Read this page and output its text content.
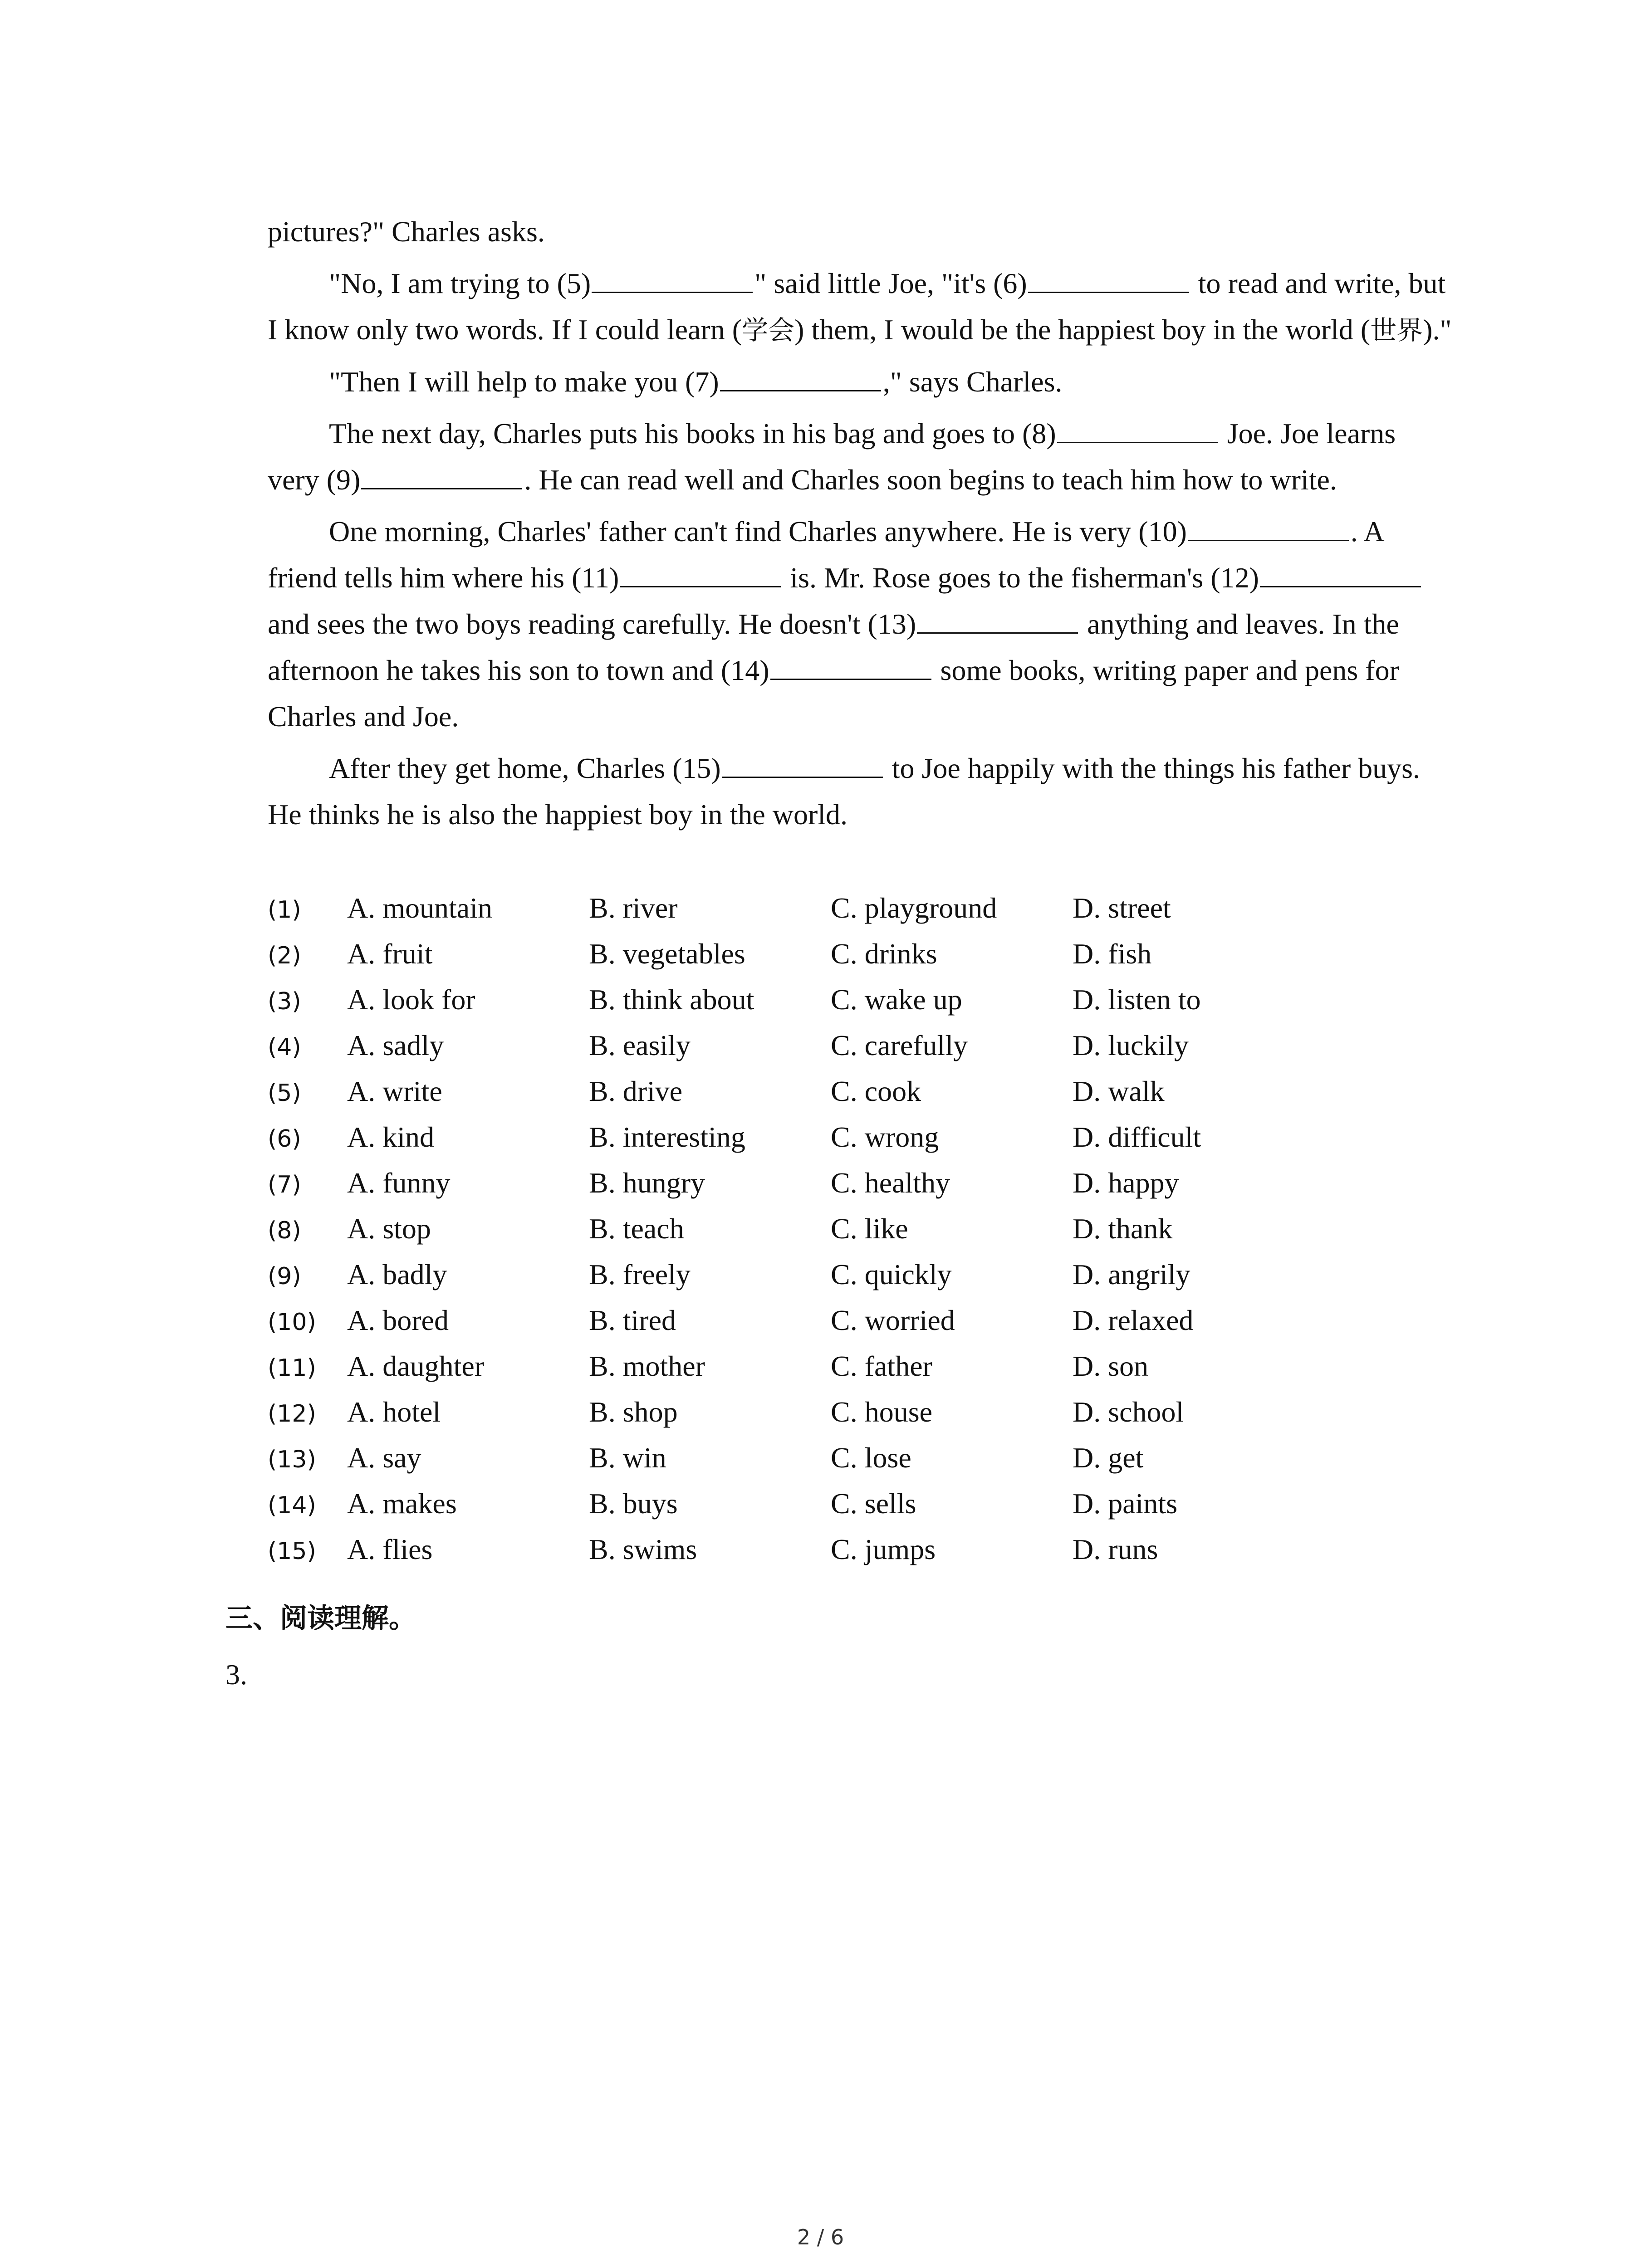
pictures?" Charles asks.

"No, I am trying to (5)	" said little Joe, "it's (6)	to read and write, but I know only two words. If I could learn (学会) them, I would be the happiest boy in the world (世界)."

"Then I will help to make you (7)	," says Charles.

The next day, Charles puts his books in his bag and goes to (8)	Joe. Joe learns very (9)	. He can read well and Charles soon begins to teach him how to write.

One morning, Charles' father can't find Charles anywhere. He is very (10)	. A friend tells him where his (11)	is. Mr. Rose goes to the fisherman's (12) and sees the two boys reading carefully. He doesn't (13)	anything and leaves. In the afternoon he takes his son to town and (14)	some books, writing paper and pens for Charles and Joe.

After they get home, Charles (15)	to Joe happily with the things his father buys. He thinks he is also the happiest boy in the world.

(1)	A. mountain	B. river	C. playground	D. street
(2)	A. fruit	B. vegetables	C. drinks	D. fish
(3)	A. look for	B. think about	C. wake up	D. listen to
(4)	A. sadly	B. easily	C. carefully	D. luckily
(5)	A. write	B. drive	C. cook	D. walk
(6)	A. kind	B. interesting	C. wrong	D. difficult
(7)	A. funny	B. hungry	C. healthy	D. happy
(8)	A. stop	B. teach	C. like	D. thank
(9)	A. badly	B. freely	C. quickly	D. angrily
(10)	A. bored	B. tired	C. worried	D. relaxed
(11)	A. daughter	B. mother	C. father	D. son
(12)	A. hotel	B. shop	C. house	D. school
(13)	A. say	B. win	C. lose	D. get
(14)	A. makes	B. buys	C. sells	D. paints
(15)	A. flies	B. swims	C. jumps	D. runs
三、阅读理解。
3.
2 / 6
